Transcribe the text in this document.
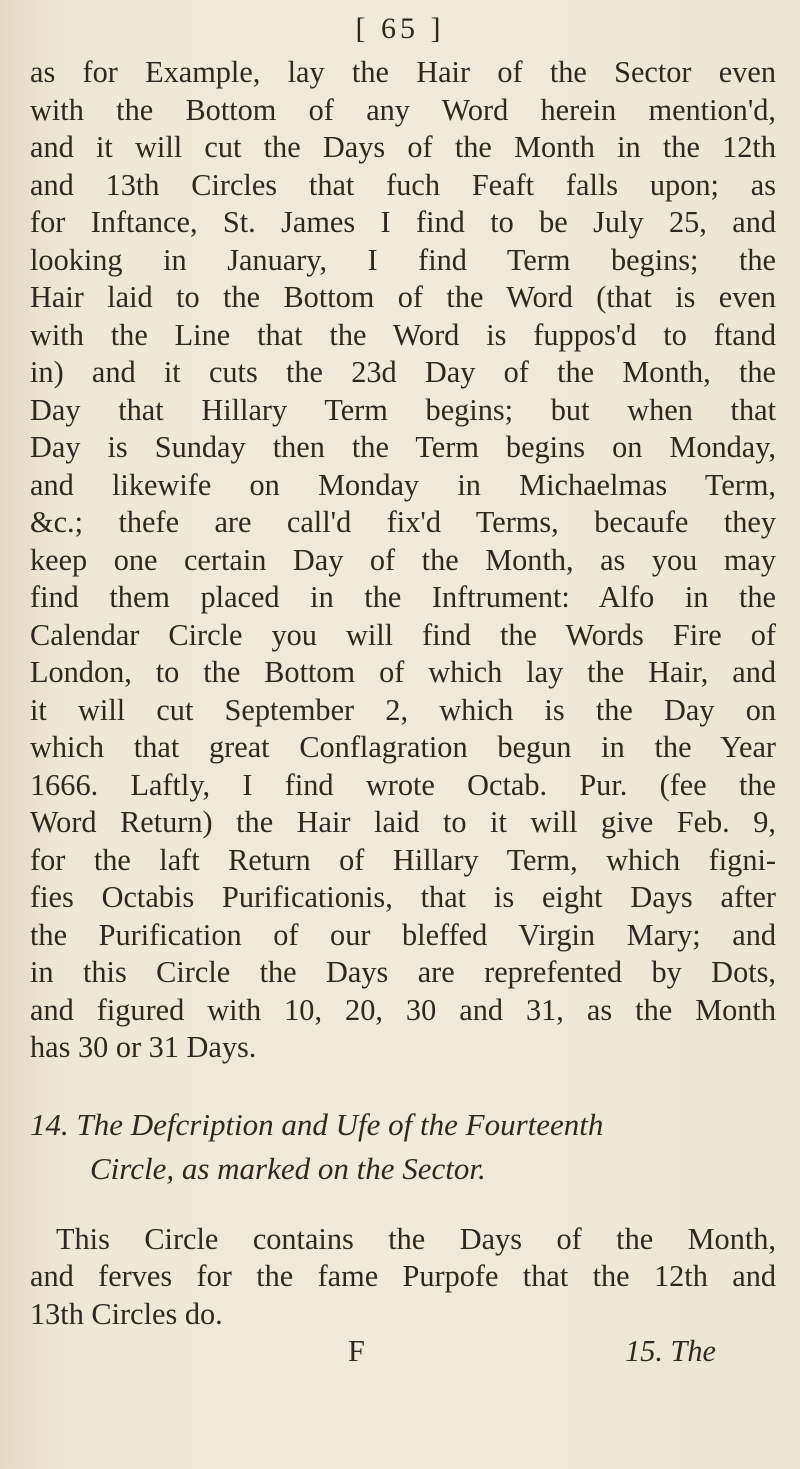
[ 65 ]
as for Example, lay the Hair of the Sector even
with the Bottom of any Word herein mention'd,
and it will cut the Days of the Month in the 12th
and 13th Circles that fuch Feaft falls upon; as
for Inftance, St. James I find to be July 25, and
looking in January, I find Term begins; the
Hair laid to the Bottom of the Word (that is even
with the Line that the Word is fuppos'd to ftand
in) and it cuts the 23d Day of the Month, the
Day that Hillary Term begins; but when that
Day is Sunday then the Term begins on Monday,
and likewife on Monday in Michaelmas Term,
&c.; thefe are call'd fix'd Terms, becaufe they
keep one certain Day of the Month, as you may
find them placed in the Inftrument: Alfo in the
Calendar Circle you will find the Words Fire of
London, to the Bottom of which lay the Hair, and
it will cut September 2, which is the Day on
which that great Conflagration begun in the Year
1666. Laftly, I find wrote Octab. Pur. (fee the
Word Return) the Hair laid to it will give Feb. 9,
for the laft Return of Hillary Term, which figni-
fies Octabis Purificationis, that is eight Days after
the Purification of our bleffed Virgin Mary; and
in this Circle the Days are reprefented by Dots,
and figured with 10, 20, 30 and 31, as the Month
has 30 or 31 Days.
14. The Defcription and Ufe of the Fourteenth
Circle, as marked on the Sector.
This Circle contains the Days of the Month,
and ferves for the fame Purpofe that the 12th and
13th Circles do.
F	15. The
